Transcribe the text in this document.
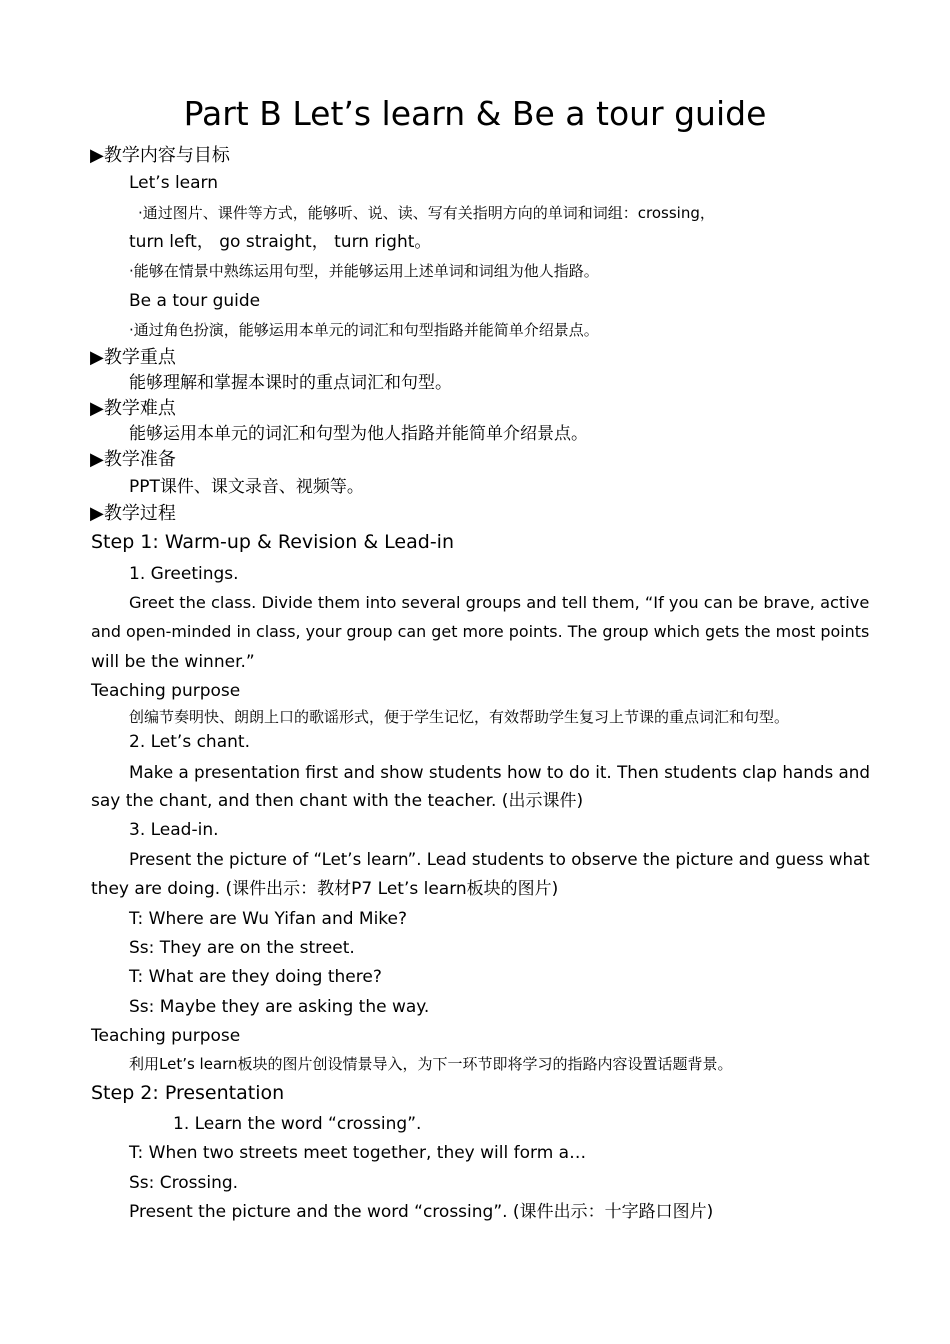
Part B Let’s learn & Be a tour guide
▶教学内容与目标
Let’s learn
·通过图片、课件等方式，能够听、说、读、写有关指明方向的单词和词组：crossing，
turn left， go straight， turn right。
·能够在情景中熟练运用句型，并能够运用上述单词和词组为他人指路。
Be a tour guide
·通过角色扮演，能够运用本单元的词汇和句型指路并能简单介绍景点。
▶教学重点
能够理解和掌握本课时的重点词汇和句型。
▶教学难点
能够运用本单元的词汇和句型为他人指路并能简单介绍景点。
▶教学准备
PPT课件、课文录音、视频等。
▶教学过程
Step 1: Warm-up & Revision & Lead-in
1. Greetings.
Greet the class. Divide them into several groups and tell them, “If you can be brave, active
and open-minded in class, your group can get more points. The group which gets the most points
will be the winner.”
Teaching purpose
创编节奏明快、朗朗上口的歌谣形式，便于学生记忆，有效帮助学生复习上节课的重点词汇和句型。
2. Let’s chant.
Make a presentation first and show students how to do it. Then students clap hands and
say the chant, and then chant with the teacher. (出示课件)
3. Lead-in.
Present the picture of “Let’s learn”. Lead students to observe the picture and guess what
they are doing. (课件出示：教材P7 Let’s learn板块的图片)
T: Where are Wu Yifan and Mike?
Ss: They are on the street.
T: What are they doing there?
Ss: Maybe they are asking the way.
Teaching purpose
利用Let’s learn板块的图片创设情景导入，为下一环节即将学习的指路内容设置话题背景。
Step 2: Presentation
1. Learn the word “crossing”.
T: When two streets meet together, they will form a…
Ss: Crossing.
Present the picture and the word “crossing”. (课件出示：十字路口图片)
